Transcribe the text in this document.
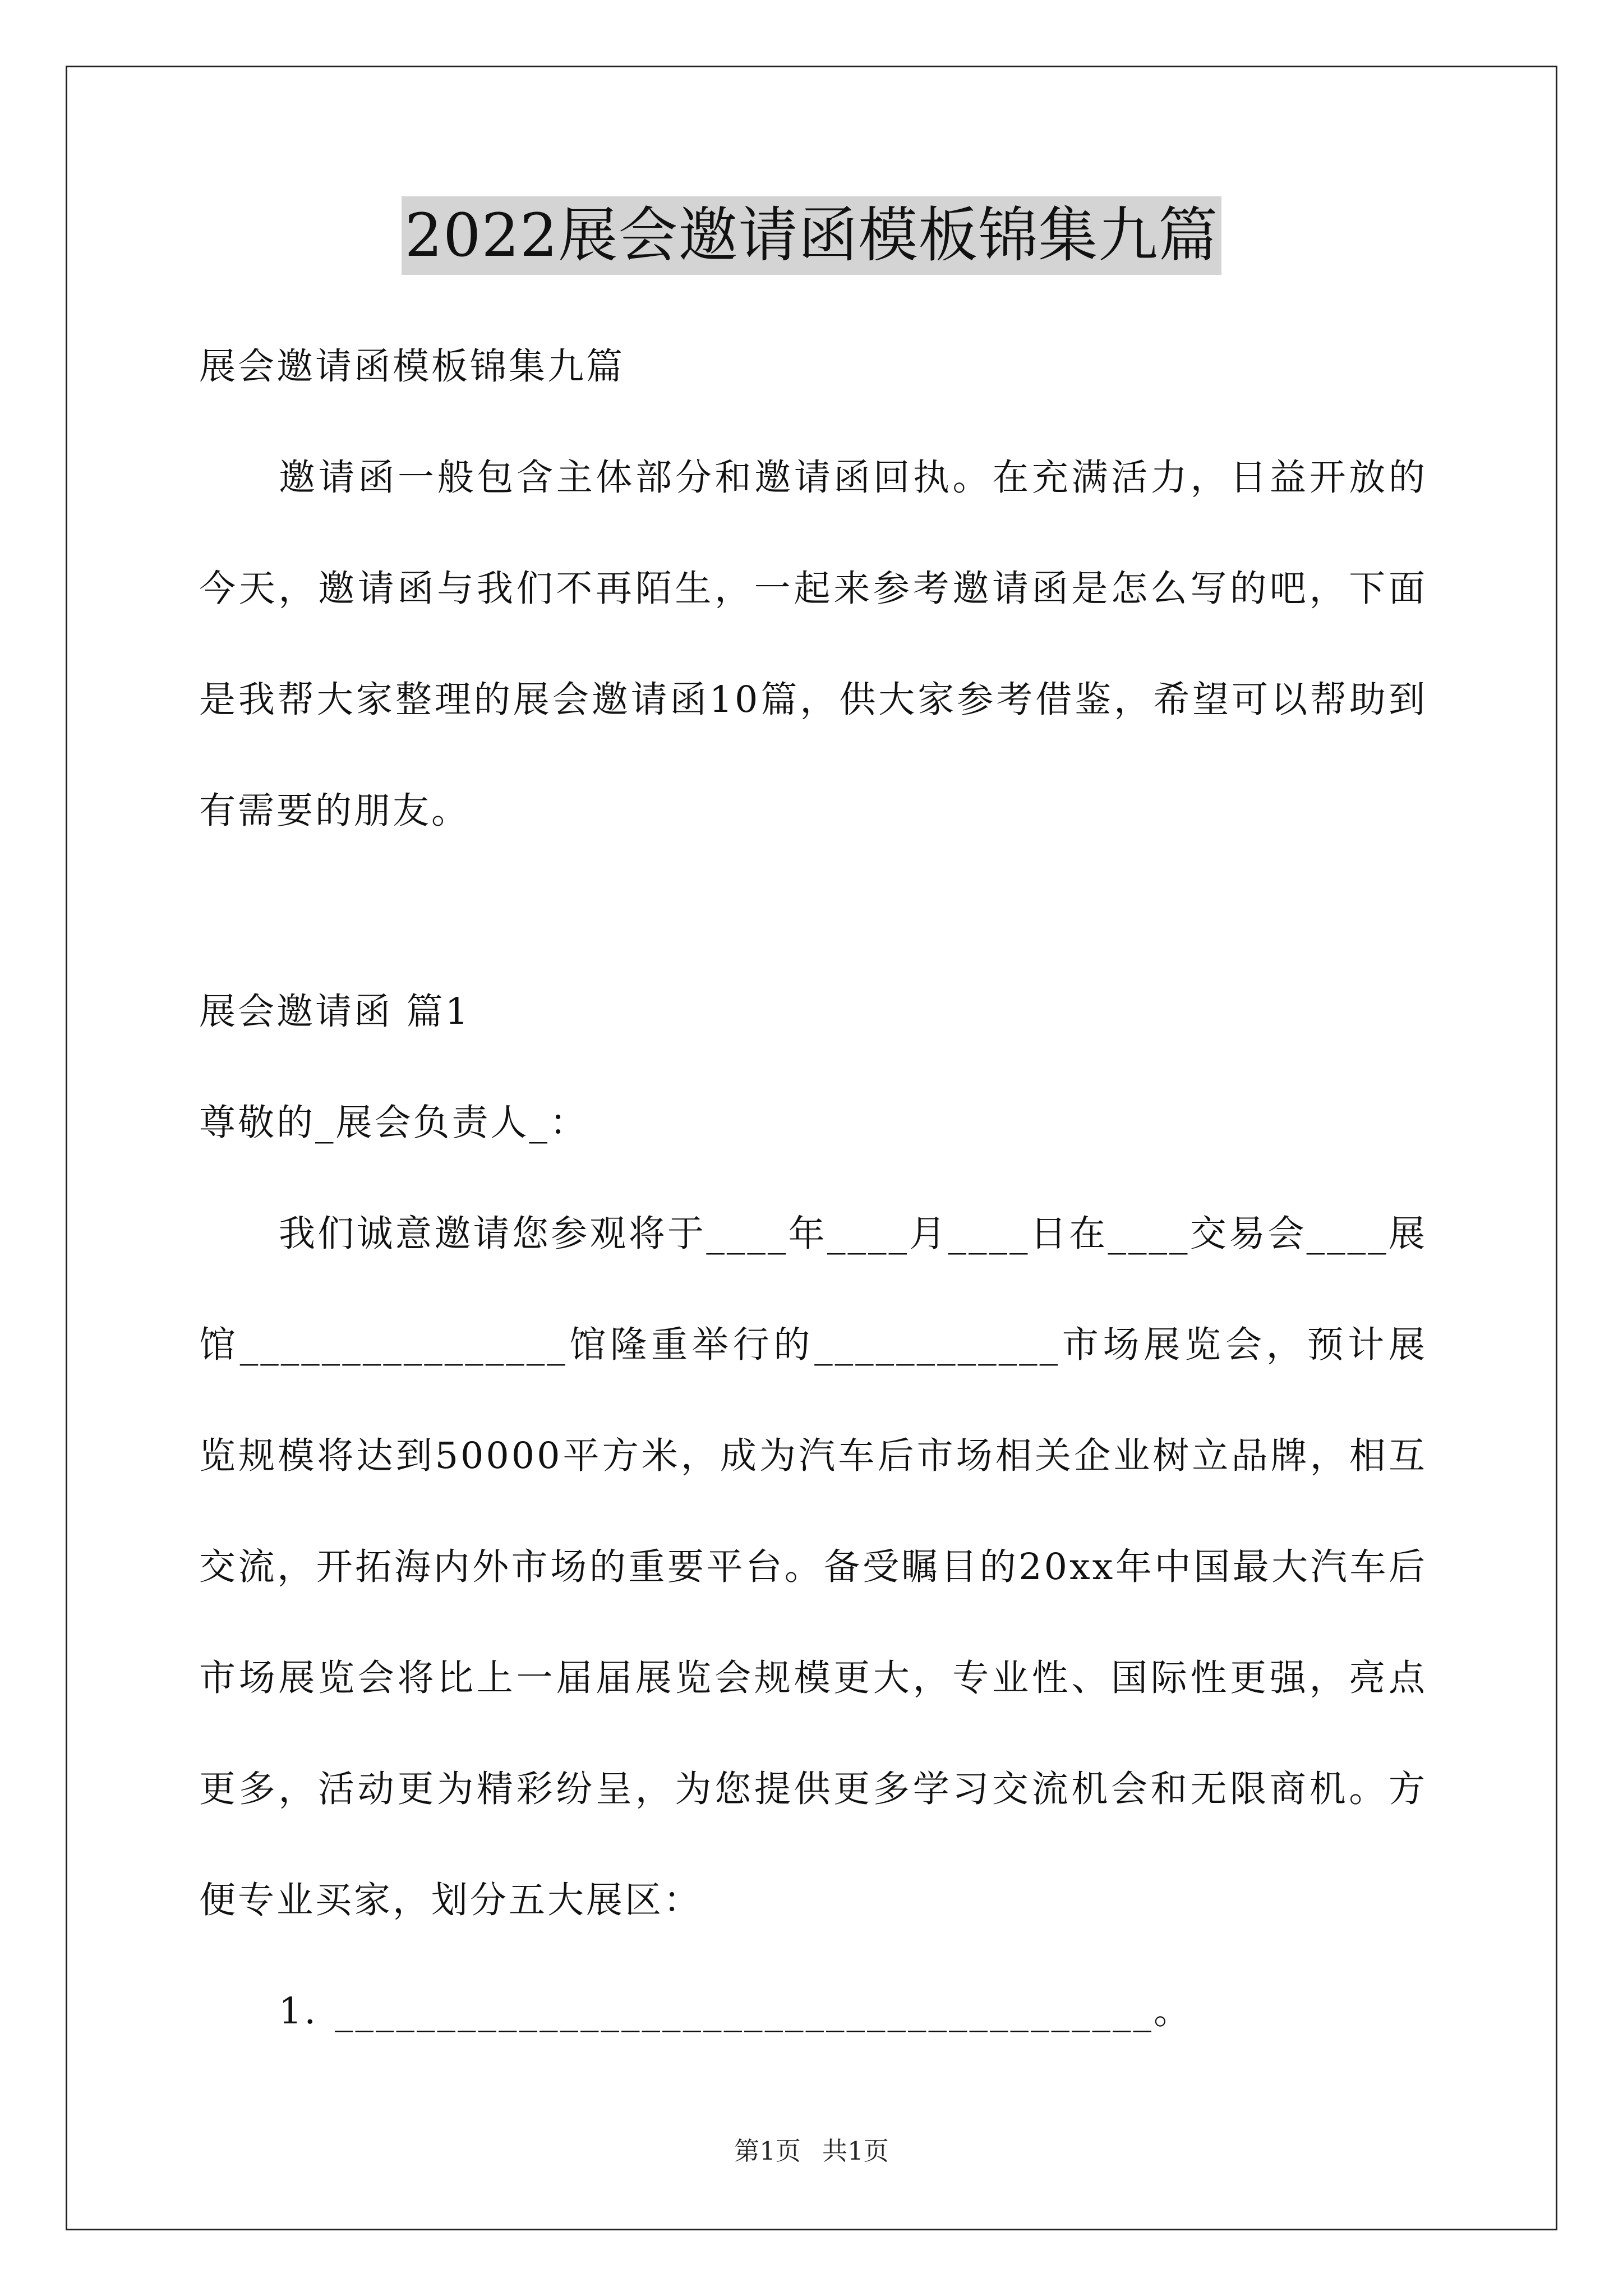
2022展会邀请函模板锦集九篇

展会邀请函模板锦集九篇

邀请函一般包含主体部分和邀请函回执。在充满活力，日益开放的今天，邀请函与我们不再陌生，一起来参考邀请函是怎么写的吧，下面是我帮大家整理的展会邀请函10篇，供大家参考借鉴，希望可以帮助到有需要的朋友。

展会邀请函 篇1

尊敬的_展会负责人_：

我们诚意邀请您参观将于____年____月____日在____交易会____展馆________________馆隆重举行的____________市场展览会，预计展览规模将达到50000平方米，成为汽车后市场相关企业树立品牌，相互交流，开拓海内外市场的重要平台。备受瞩目的20xx年中国最大汽车后市场展览会将比上一届届展览会规模更大，专业性、国际性更强，亮点更多，活动更为精彩纷呈，为您提供更多学习交流机会和无限商机。方便专业买家，划分五大展区：

1. ________________________________________。

第1页 共1页
